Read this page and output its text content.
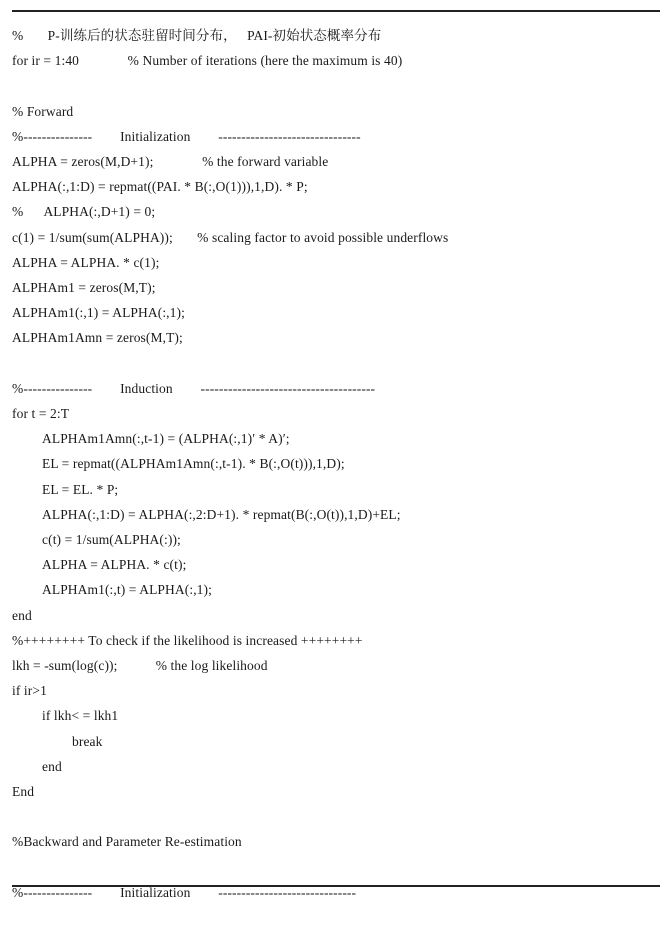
%       P-训练后的状态驻留时间分布，   PAI-初始状态概率分布
for ir = 1:40              % Number of iterations (here the maximum is 40)
% Forward
%---------------        Initialization        -------------------------------
ALPHA = zeros(M,D+1);              % the forward variable
ALPHA(:,1:D) = repmat((PAI. * B(:,O(1))),1,D). * P;
%      ALPHA(:,D+1) = 0;
c(1) = 1/sum(sum(ALPHA));       % scaling factor to avoid possible underflows
ALPHA = ALPHA. * c(1);
ALPHAm1 = zeros(M,T);
ALPHAm1(:,1) = ALPHA(:,1);
ALPHAm1Amn = zeros(M,T);
%---------------        Induction        --------------------------------------
for t = 2:T
ALPHAm1Amn(:,t-1) = (ALPHA(:,1)′ * A)′;
EL = repmat((ALPHAm1Amn(:,t-1). * B(:,O(t))),1,D);
EL = EL. * P;
ALPHA(:,1:D) = ALPHA(:,2:D+1). * repmat(B(:,O(t)),1,D)+EL;
c(t) = 1/sum(ALPHA(:));
ALPHA = ALPHA. * c(t);
ALPHAm1(:,t) = ALPHA(:,1);
end
%++++++++ To check if the likelihood is increased ++++++++
lkh = -sum(log(c));           % the log likelihood
if ir>1
if lkh< = lkh1
break
end
End
%Backward and Parameter Re-estimation
%---------------        Initialization        ------------------------------
